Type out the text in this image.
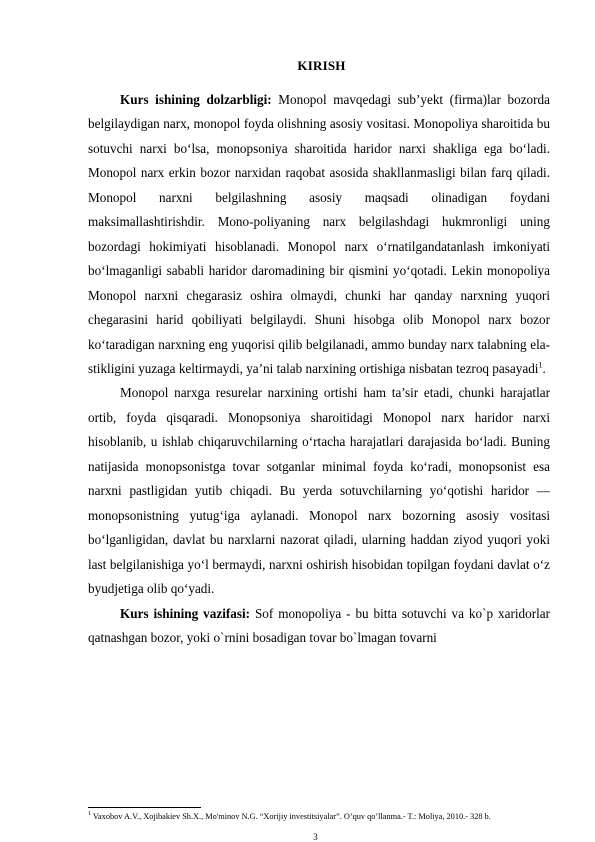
KIRISH

Kurs ishining dolzarbligi: Monopol mavqedagi sub’yekt (firma)lar bozorda belgilaydigan narx, monopol foyda olishning asosiy vositasi. Monopoliya sharoitida bu sotuvchi narxi bo‘lsa, monopsoniya sharoitida haridor narxi shakliga ega bo‘ladi. Monopol narx erkin bozor narxidan raqobat asosida shakllanmasligi bilan farq qiladi. Monopol narxni belgilashning asosiy maqsadi olinadigan foydani maksimallashtirishdir. Mono-poliyaning narx belgilashdagi hukmronligi uning bozordagi hokimiyati hisoblanadi. Monopol narx o‘rnatilgandatanlash imkoniyati bo‘lmaganligi sababli haridor daromadining bir qismini yo‘qotadi. Lekin monopoliya Monopol narxni chegarasiz oshira olmaydi, chunki har qanday narxning yuqori chegarasini harid qobiliyati belgilaydi. Shuni hisobga olib Monopol narx bozor ko‘taradigan narxning eng yuqorisi qilib belgilanadi, ammo bunday narx talabning ela-stikligini yuzaga keltirmaydi, ya’ni talab narxining ortishiga nisbatan tezroq pasayadi$^1$.

Monopol narxga resurelar narxining ortishi ham ta’sir etadi, chunki harajatlar ortib, foyda qisqaradi. Monopsoniya sharoitidagi Monopol narx haridor narxi hisoblanib, u ishlab chiqaruvchilarning o‘rtacha harajatlari darajasida bo‘ladi. Buning natijasida monopsonistga tovar sotganlar minimal foyda ko‘radi, monopsonist esa narxni pastligidan yutib chiqadi. Bu yerda sotuvchilarning yo‘qotishi haridor — monopsonistning yutug‘iga aylanadi. Monopol narx bozorning asosiy vositasi bo‘lganligidan, davlat bu narxlarni nazorat qiladi, ularning haddan ziyod yuqori yoki last belgilanishiga yo‘l bermaydi, narxni oshirish hisobidan topilgan foydani davlat o‘z byudjetiga olib qo‘yadi.

Kurs ishining vazifasi: Sof monopoliya - bu bitta sotuvchi va ko`p xaridorlar qatnashgan bozor, yoki o`rnini bosadigan tovar bo`lmagan tovarni

$^1$ Vaxobov A.V., Xojibakiev Sh.X., Mo'minov N.G. “Xorijiy investitsiyalar”. O’quv qo’llanma.- T.: Moliya, 2010.- 328 b.
3
